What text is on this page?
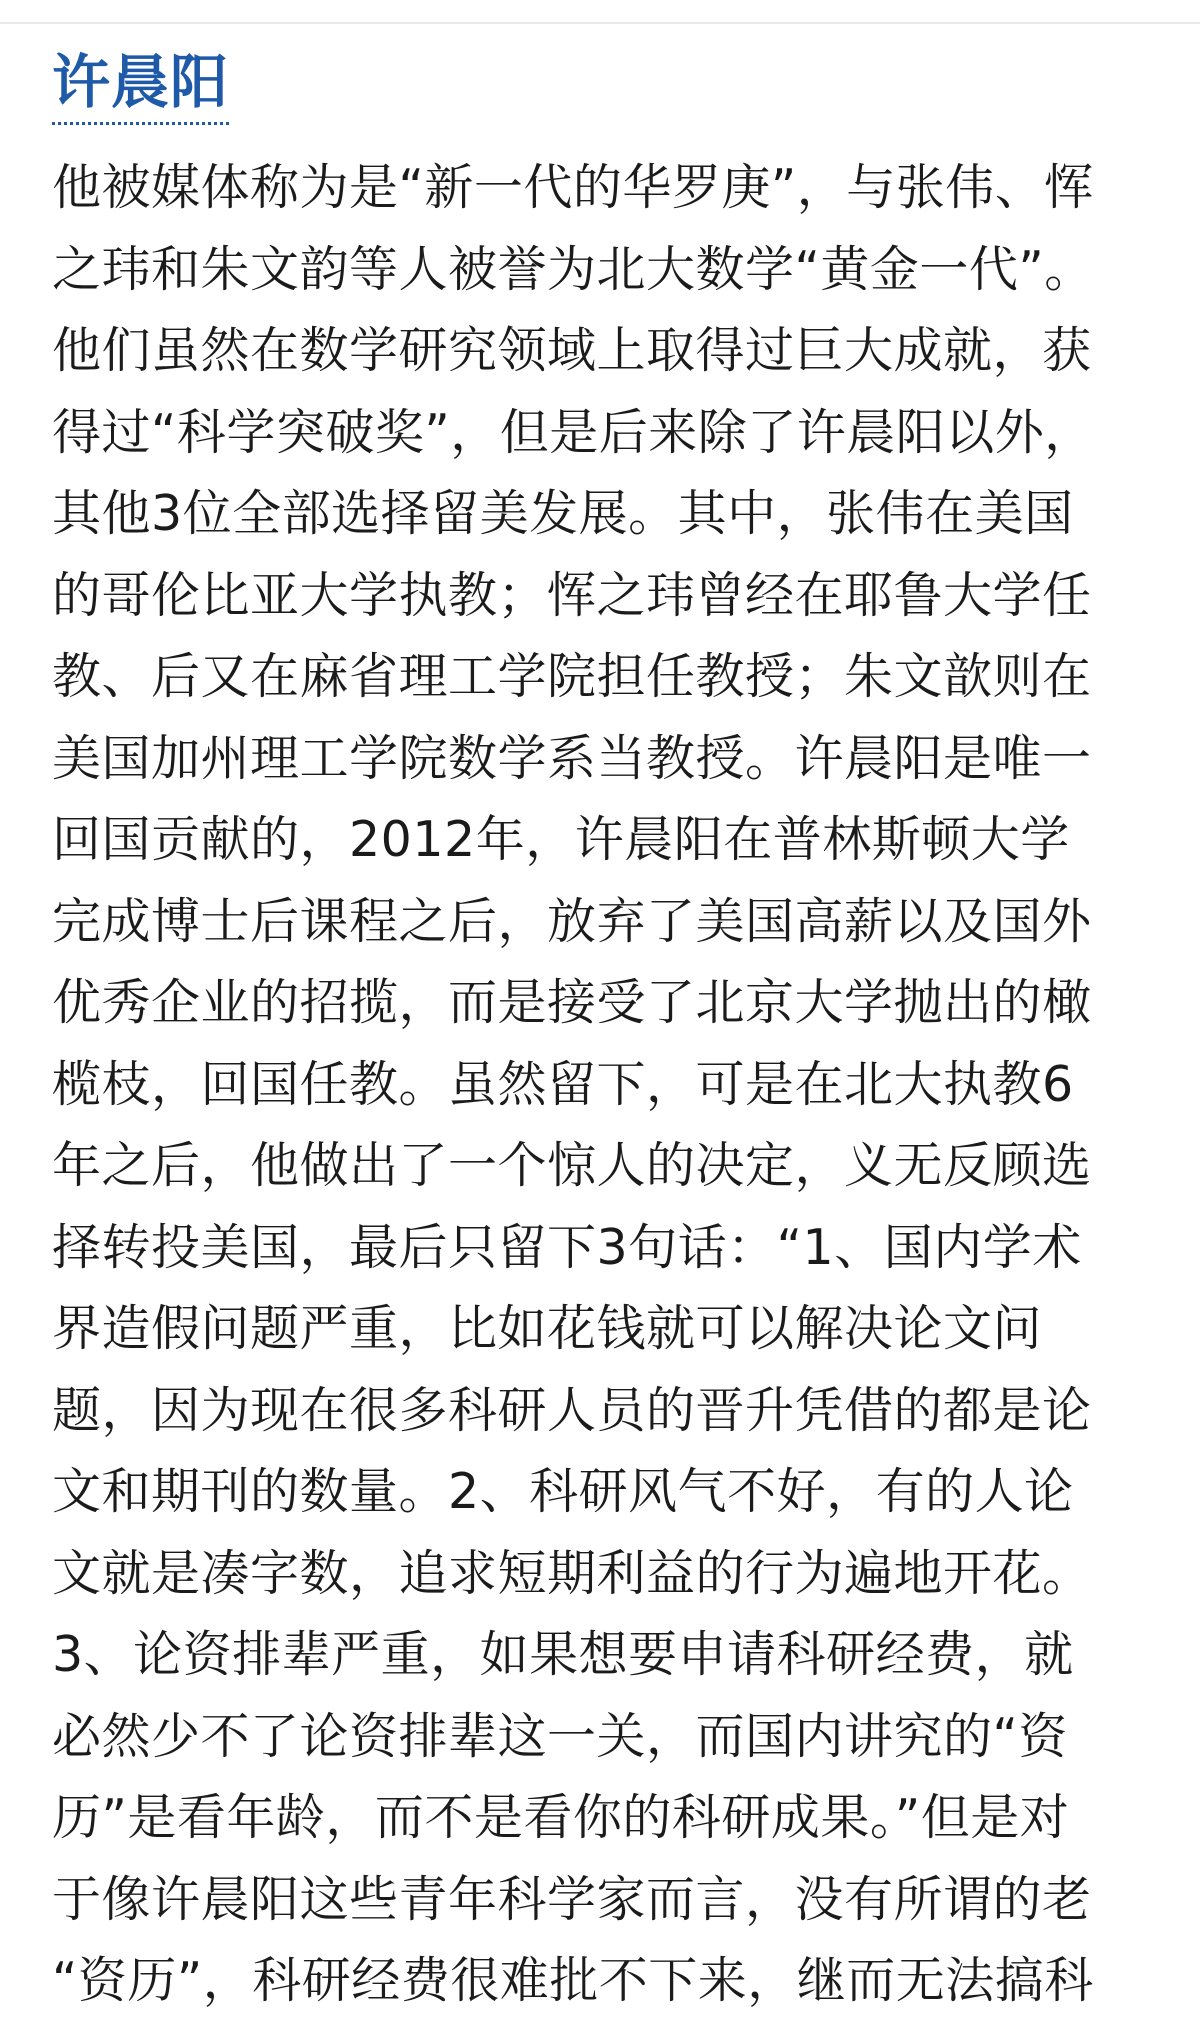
许晨阳
他被媒体称为是“新一代的华罗庚”，与张伟、恽
之玮和朱文韵等人被誉为北大数学“黄金一代”。
他们虽然在数学研究领域上取得过巨大成就，获
得过“科学突破奖”，但是后来除了许晨阳以外，
其他3位全部选择留美发展。其中，张伟在美国
的哥伦比亚大学执教；恽之玮曾经在耶鲁大学任
教、后又在麻省理工学院担任教授；朱文歆则在
美国加州理工学院数学系当教授。许晨阳是唯一
回国贡献的，2012年，许晨阳在普林斯顿大学
完成博士后课程之后，放弃了美国高薪以及国外
优秀企业的招揽，而是接受了北京大学抛出的橄
榄枝，回国任教。虽然留下，可是在北大执教6
年之后，他做出了一个惊人的决定，义无反顾选
择转投美国，最后只留下3句话：“1、国内学术
界造假问题严重，比如花钱就可以解决论文问
题，因为现在很多科研人员的晋升凭借的都是论
文和期刊的数量。2、科研风气不好，有的人论
文就是凑字数，追求短期利益的行为遍地开花。
3、论资排辈严重，如果想要申请科研经费，就
必然少不了论资排辈这一关，而国内讲究的“资
历”是看年龄，而不是看你的科研成果。”但是对
于像许晨阳这些青年科学家而言，没有所谓的老
“资历”，科研经费很难批不下来，继而无法搞科
